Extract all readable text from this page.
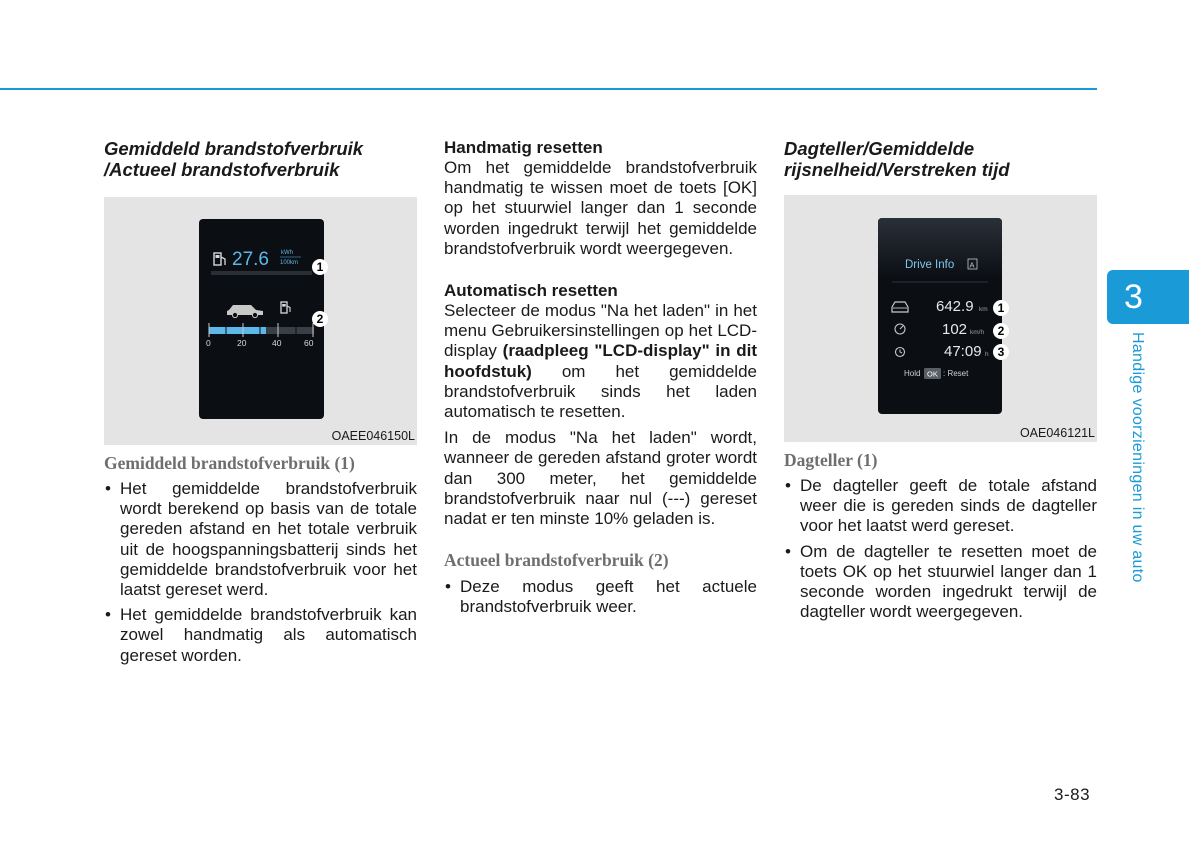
Gemiddeld brandstofverbruik /Actueel brandstofverbruik
27.6 kWh
100km
0	20	40	60
1
2
OAEE046150L
Gemiddeld brandstofverbruik (1)
• Het gemiddelde brandstofverbruik wordt berekend op basis van de totale gereden afstand en het totale verbruik uit de hoogspanningsbatterij sinds het gemiddelde brandstofverbruik voor het laatst gereset werd.
• Het gemiddelde brandstofverbruik kan zowel handmatig als automatisch gereset worden.
Handmatig resetten
Om het gemiddelde brandstofverbruik handmatig te wissen moet de toets [OK] op het stuurwiel langer dan 1 seconde worden ingedrukt terwijl het gemiddelde brandstofverbruik wordt weergegeven.
Automatisch resetten
Selecteer de modus "Na het laden" in het menu Gebruikersinstellingen op het LCD-display (raadpleeg "LCD-display" in dit hoofdstuk) om het gemiddelde brandstofverbruik sinds het laden automatisch te resetten.
In de modus "Na het laden" wordt, wanneer de gereden afstand groter wordt dan 300 meter, het gemiddelde brandstofverbruik naar nul (---) gereset nadat er ten minste 10% geladen is.
Actueel brandstofverbruik (2)
• Deze modus geeft het actuele brandstofverbruik weer.
Dagteller/Gemiddelde rijsnelheid/Verstreken tijd
Drive Info A
642.9 km
102 km/h
47:09 h
Hold OK : Reset
1
2
3
OAE046121L
Dagteller (1)
• De dagteller geeft de totale afstand weer die is gereden sinds de dagteller voor het laatst werd gereset.
• Om de dagteller te resetten moet de toets OK op het stuurwiel langer dan 1 seconde worden ingedrukt terwijl de dagteller wordt weergegeven.
3
Handige voorzieningen in uw auto
3-83
